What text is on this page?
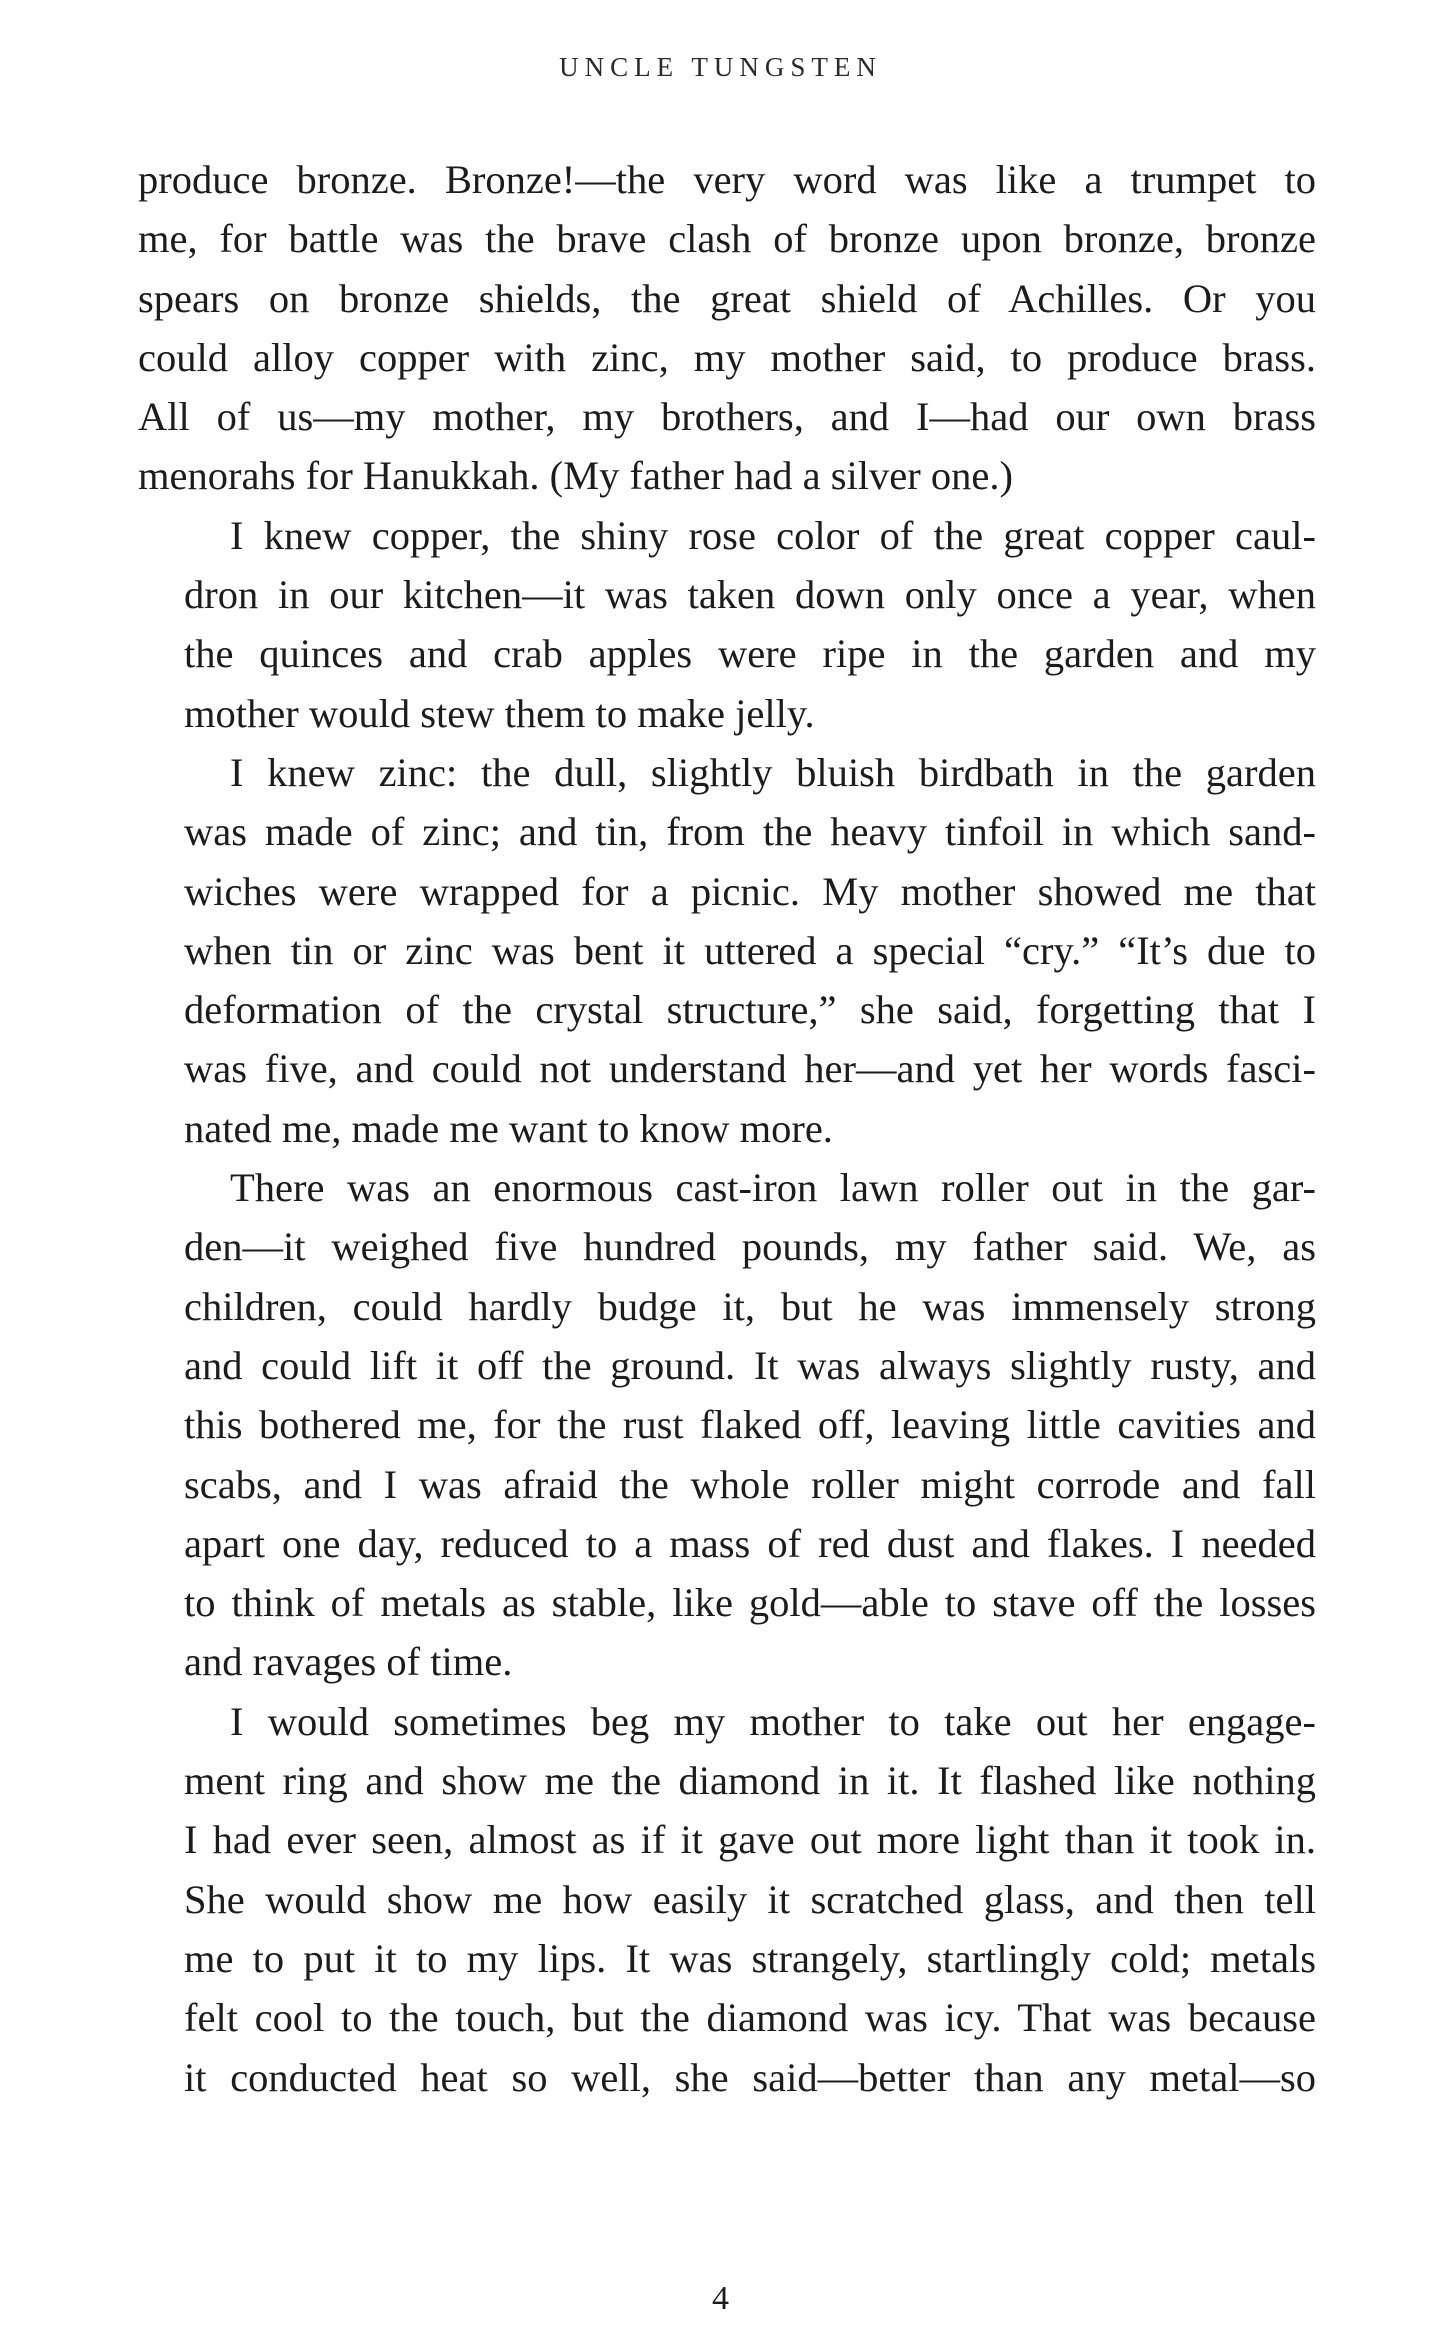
UNCLE TUNGSTEN
produce bronze. Bronze!—the very word was like a trumpet to
me, for battle was the brave clash of bronze upon bronze, bronze
spears on bronze shields, the great shield of Achilles. Or you
could alloy copper with zinc, my mother said, to produce brass.
All of us—my mother, my brothers, and I—had our own brass
menorahs for Hanukkah. (My father had a silver one.)
I knew copper, the shiny rose color of the great copper caul-
dron in our kitchen—it was taken down only once a year, when
the quinces and crab apples were ripe in the garden and my
mother would stew them to make jelly.
I knew zinc: the dull, slightly bluish birdbath in the garden
was made of zinc; and tin, from the heavy tinfoil in which sand-
wiches were wrapped for a picnic. My mother showed me that
when tin or zinc was bent it uttered a special “cry.” “It’s due to
deformation of the crystal structure,” she said, forgetting that I
was five, and could not understand her—and yet her words fasci-
nated me, made me want to know more.
There was an enormous cast-iron lawn roller out in the gar-
den—it weighed five hundred pounds, my father said. We, as
children, could hardly budge it, but he was immensely strong
and could lift it off the ground. It was always slightly rusty, and
this bothered me, for the rust flaked off, leaving little cavities and
scabs, and I was afraid the whole roller might corrode and fall
apart one day, reduced to a mass of red dust and flakes. I needed
to think of metals as stable, like gold—able to stave off the losses
and ravages of time.
I would sometimes beg my mother to take out her engage-
ment ring and show me the diamond in it. It flashed like nothing
I had ever seen, almost as if it gave out more light than it took in.
She would show me how easily it scratched glass, and then tell
me to put it to my lips. It was strangely, startlingly cold; metals
felt cool to the touch, but the diamond was icy. That was because
it conducted heat so well, she said—better than any metal—so
4
